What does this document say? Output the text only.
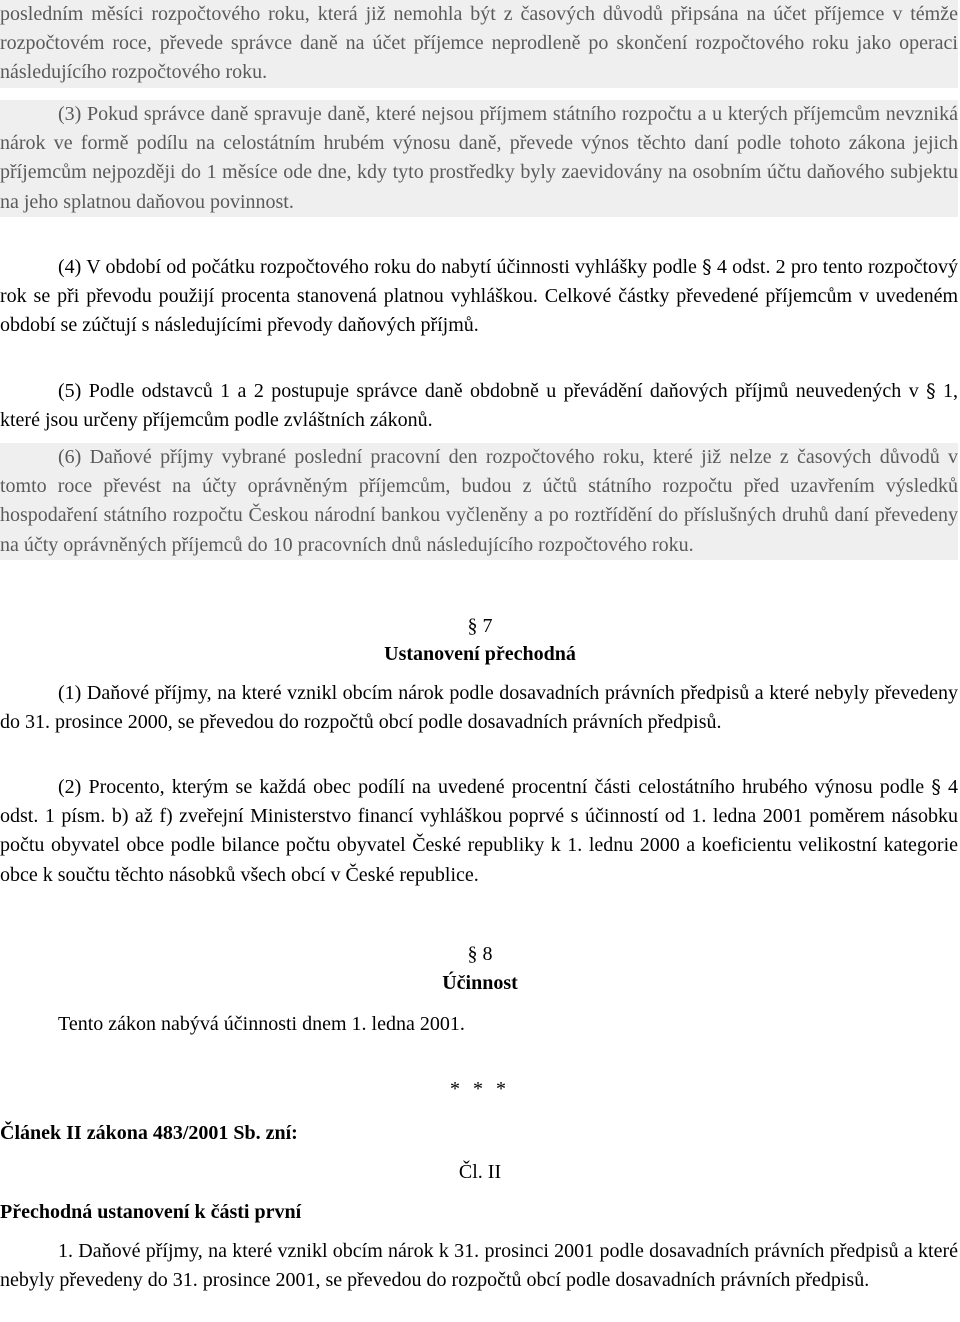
posledním měsíci rozpočtového roku, která již nemohla být z časových důvodů připsána na účet příjemce v témže rozpočtovém roce, převede správce daně na účet příjemce neprodleně po skončení rozpočtového roku jako operaci následujícího rozpočtového roku.

(3) Pokud správce daně spravuje daně, které nejsou příjmem státního rozpočtu a u kterých příjemcům nevzniká nárok ve formě podílu na celostátním hrubém výnosu daně, převede výnos těchto daní podle tohoto zákona jejich příjemcům nejpozději do 1 měsíce ode dne, kdy tyto prostředky byly zaevidovány na osobním účtu daňového subjektu na jeho splatnou daňovou povinnost.

(4) V období od počátku rozpočtového roku do nabytí účinnosti vyhlášky podle § 4 odst. 2 pro tento rozpočtový rok se při převodu použijí procenta stanovená platnou vyhláškou. Celkové částky převedené příjemcům v uvedeném období se zúčtují s následujícími převody daňových příjmů.

(5) Podle odstavců 1 a 2 postupuje správce daně obdobně u převádění daňových příjmů neuvedených v § 1, které jsou určeny příjemcům podle zvláštních zákonů.

(6) Daňové příjmy vybrané poslední pracovní den rozpočtového roku, které již nelze z časových důvodů v tomto roce převést na účty oprávněným příjemcům, budou z účtů státního rozpočtu před uzavřením výsledků hospodaření státního rozpočtu Českou národní bankou vyčleněny a po roztřídění do příslušných druhů daní převedeny na účty oprávněných příjemců do 10 pracovních dnů následujícího rozpočtového roku.

§ 7
Ustanovení přechodná

(1) Daňové příjmy, na které vznikl obcím nárok podle dosavadních právních předpisů a které nebyly převedeny do 31. prosince 2000, se převedou do rozpočtů obcí podle dosavadních právních předpisů.

(2) Procento, kterým se každá obec podílí na uvedené procentní části celostátního hrubého výnosu podle § 4 odst. 1 písm. b) až f) zveřejní Ministerstvo financí vyhláškou poprvé s účinností od 1. ledna 2001 poměrem násobku počtu obyvatel obce podle bilance počtu obyvatel České republiky k 1. lednu 2000 a koeficientu velikostní kategorie obce k součtu těchto násobků všech obcí v České republice.

§ 8
Účinnost
Tento zákon nabývá účinnosti dnem 1. ledna 2001.
* * *
Článek II zákona 483/2001 Sb. zní:
Čl. II
Přechodná ustanovení k části první

1. Daňové příjmy, na které vznikl obcím nárok k 31. prosinci 2001 podle dosavadních právních předpisů a které nebyly převedeny do 31. prosince 2001, se převedou do rozpočtů obcí podle dosavadních právních předpisů.
